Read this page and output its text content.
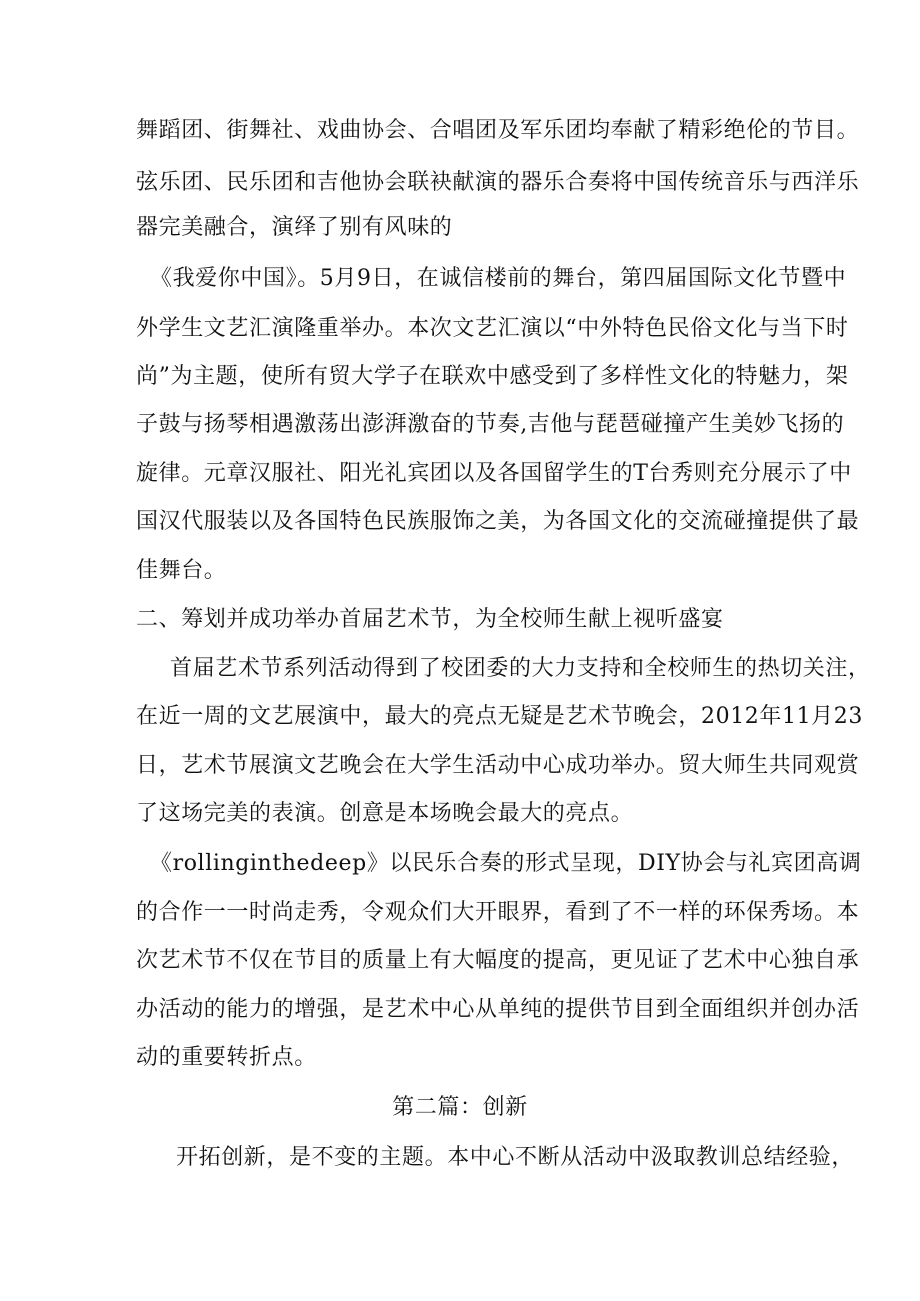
舞蹈团、街舞社、戏曲协会、合唱团及军乐团均奉献了精彩绝伦的节目。
弦乐团、民乐团和吉他协会联袂献演的器乐合奏将中国传统音乐与西洋乐
器完美融合，演绎了别有风味的
《我爱你中国》。5月9日，在诚信楼前的舞台，第四届国际文化节暨中
外学生文艺汇演隆重举办。本次文艺汇演以“中外特色民俗文化与当下时
尚”为主题，使所有贸大学子在联欢中感受到了多样性文化的特魅力，架
子鼓与扬琴相遇激荡出澎湃激奋的节奏,吉他与琵琶碰撞产生美妙飞扬的
旋律。元章汉服社、阳光礼宾团以及各国留学生的T台秀则充分展示了中
国汉代服装以及各国特色民族服饰之美，为各国文化的交流碰撞提供了最
佳舞台。
二、筹划并成功举办首届艺术节，为全校师生献上视听盛宴
首届艺术节系列活动得到了校团委的大力支持和全校师生的热切关注，
在近一周的文艺展演中，最大的亮点无疑是艺术节晚会，2012年11月23
日，艺术节展演文艺晚会在大学生活动中心成功举办。贸大师生共同观赏
了这场完美的表演。创意是本场晚会最大的亮点。
《rollinginthedeep》以民乐合奏的形式呈现，DIY协会与礼宾团高调
的合作一一时尚走秀，令观众们大开眼界，看到了不一样的环保秀场。本
次艺术节不仅在节目的质量上有大幅度的提高，更见证了艺术中心独自承
办活动的能力的增强，是艺术中心从单纯的提供节目到全面组织并创办活
动的重要转折点。
第二篇：创新
开拓创新，是不变的主题。本中心不断从活动中汲取教训总结经验，
